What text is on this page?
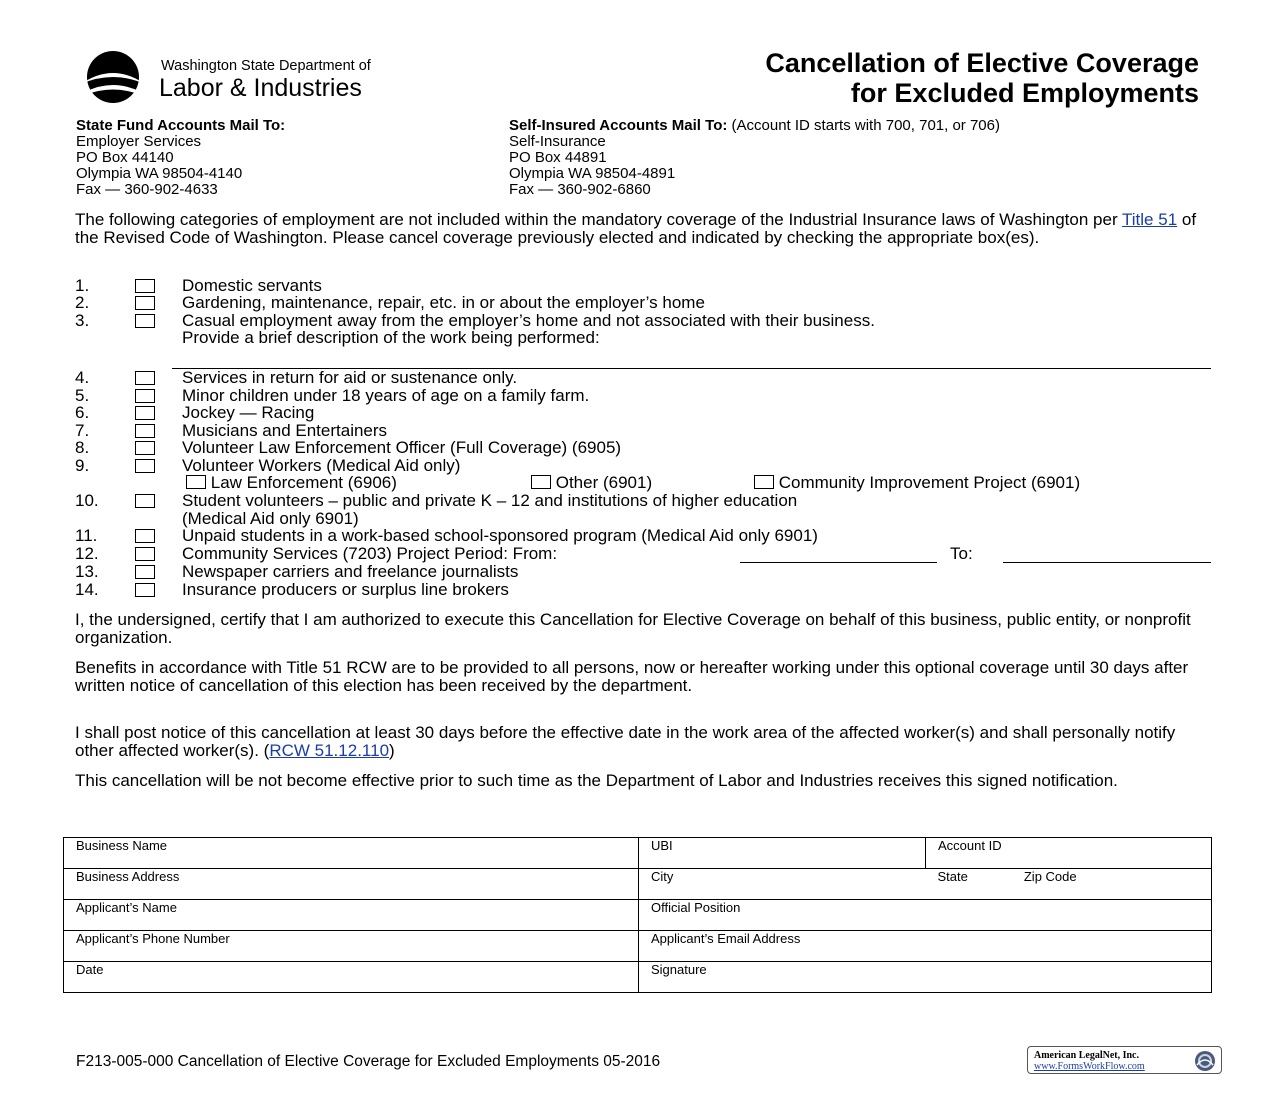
Washington State Department of
Labor & Industries
Cancellation of Elective Coverage
for Excluded Employments
State Fund Accounts Mail To:
Employer Services
PO Box 44140
Olympia WA 98504-4140
Fax — 360-902-4633
Self-Insured Accounts Mail To: (Account ID starts with 700, 701, or 706)
Self-Insurance
PO Box 44891
Olympia WA 98504-4891
Fax — 360-902-6860
The following categories of employment are not included within the mandatory coverage of the Industrial Insurance laws of Washington per Title 51 of the Revised Code of Washington. Please cancel coverage previously elected and indicated by checking the appropriate box(es).
1.	Domestic servants
2.	Gardening, maintenance, repair, etc. in or about the employer’s home
3.	Casual employment away from the employer’s home and not associated with their business.
Provide a brief description of the work being performed:
4.	Services in return for aid or sustenance only.
5.	Minor children under 18 years of age on a family farm.
6.	Jockey — Racing
7.	Musicians and Entertainers
8.	Volunteer Law Enforcement Officer (Full Coverage) (6905)
9.	Volunteer Workers (Medical Aid only)
Law Enforcement (6906)	Other (6901)	Community Improvement Project (6901)
10.	Student volunteers – public and private K – 12 and institutions of higher education
(Medical Aid only 6901)
11.	Unpaid students in a work-based school-sponsored program (Medical Aid only 6901)
12.	Community Services (7203) Project Period: From:	To:
13.	Newspaper carriers and freelance journalists
14.	Insurance producers or surplus line brokers
I, the undersigned, certify that I am authorized to execute this Cancellation for Elective Coverage on behalf of this business, public entity, or nonprofit organization.
Benefits in accordance with Title 51 RCW are to be provided to all persons, now or hereafter working under this optional coverage until 30 days after written notice of cancellation of this election has been received by the department.
I shall post notice of this cancellation at least 30 days before the effective date in the work area of the affected worker(s) and shall personally notify other affected worker(s). (RCW 51.12.110)
This cancellation will be not become effective prior to such time as the Department of Labor and Industries receives this signed notification.
Business Name	UBI	Account ID
Business Address	City	State Zip Code
Applicant’s Name	Official Position	
Applicant’s Phone Number	Applicant’s Email Address	
Date	Signature	
F213-005-000 Cancellation of Elective Coverage for Excluded Employments 05-2016	American LegalNet, Inc.
www.FormsWorkFlow.com
